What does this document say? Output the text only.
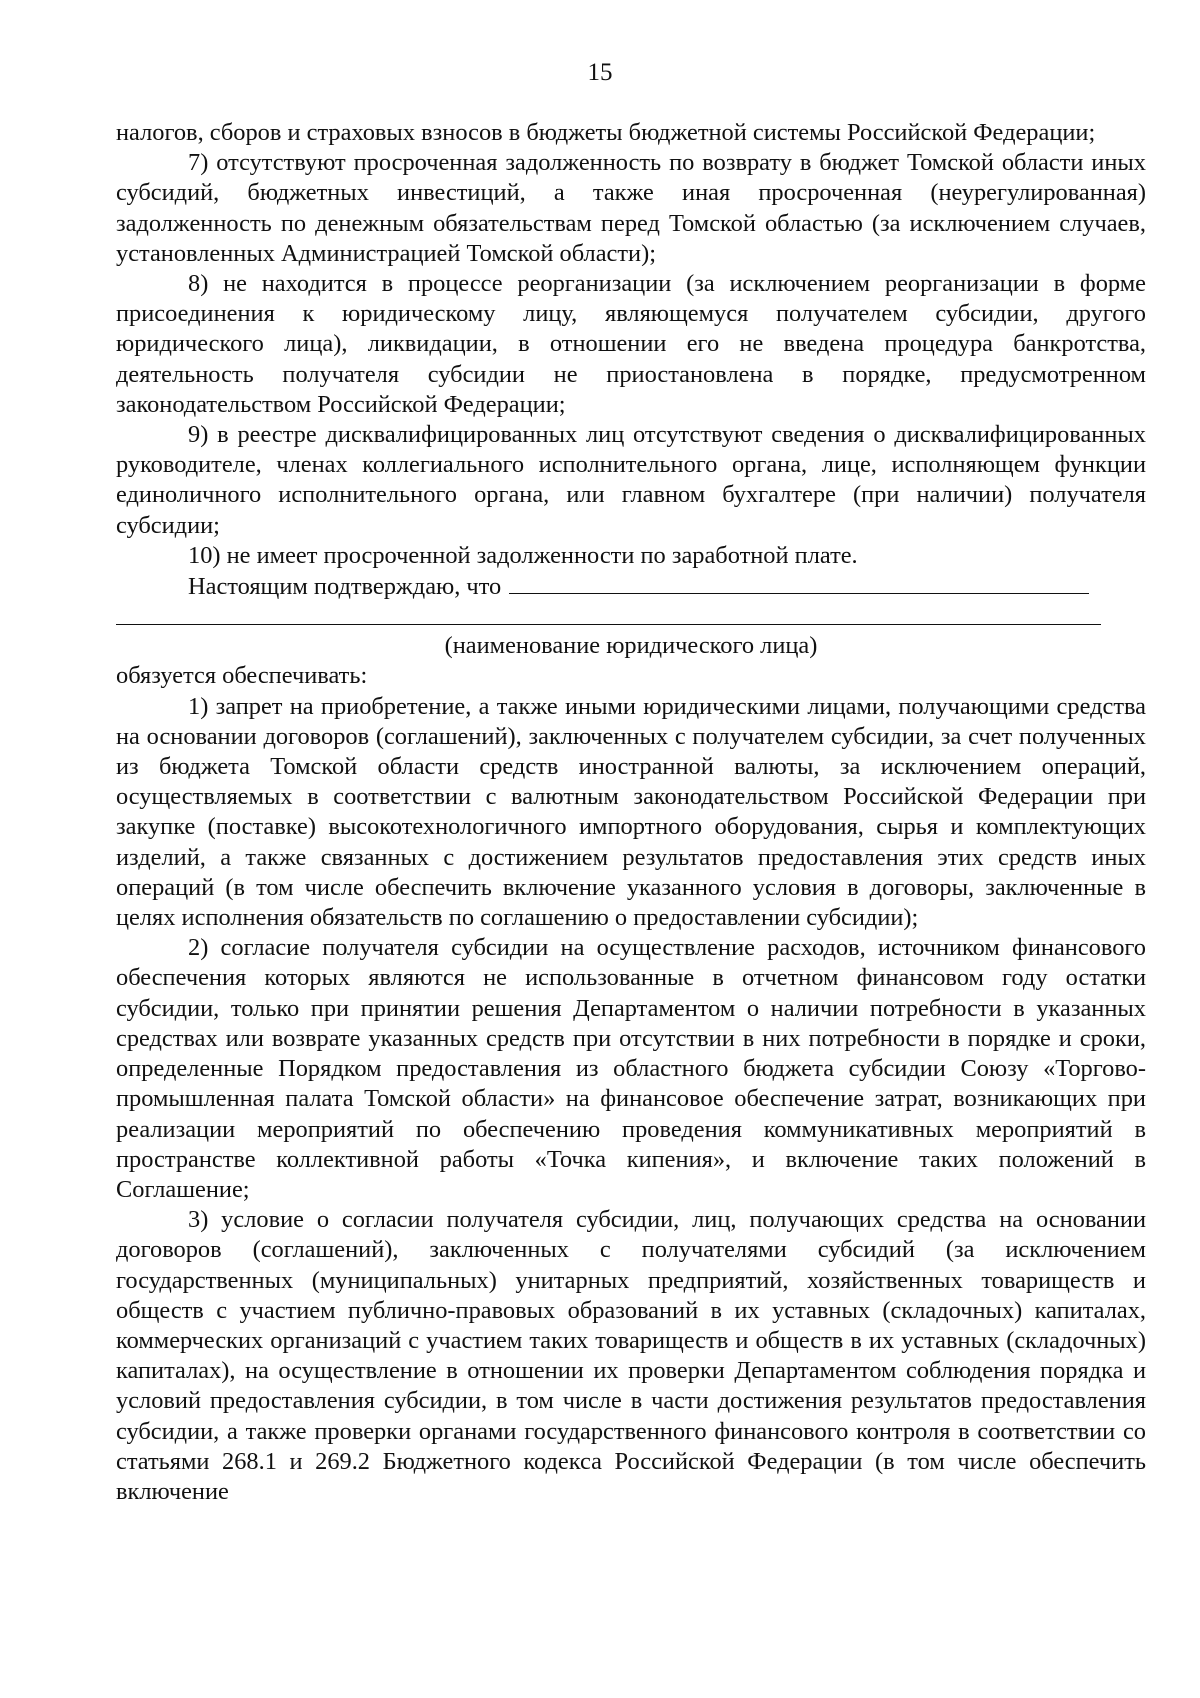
15

налогов, сборов и страховых взносов в бюджеты бюджетной системы Российской Федерации;

7) отсутствуют просроченная задолженность по возврату в бюджет Томской области иных субсидий, бюджетных инвестиций, а также иная просроченная (неурегулированная) задолженность по денежным обязательствам перед Томской областью (за исключением случаев, установленных Администрацией Томской области);

8) не находится в процессе реорганизации (за исключением реорганизации в форме присоединения к юридическому лицу, являющемуся получателем субсидии, другого юридического лица), ликвидации, в отношении его не введена процедура банкротства, деятельность получателя субсидии не приостановлена в порядке, предусмотренном законодательством Российской Федерации;

9) в реестре дисквалифицированных лиц отсутствуют сведения о дисквалифицированных руководителе, членах коллегиального исполнительного органа, лице, исполняющем функции единоличного исполнительного органа, или главном бухгалтере (при наличии) получателя субсидии;

10) не имеет просроченной задолженности по заработной плате.

Настоящим подтверждаю, что

(наименование юридического лица)

обязуется обеспечивать:

1) запрет на приобретение, а также иными юридическими лицами, получающими средства на основании договоров (соглашений), заключенных с получателем субсидии, за счет полученных из бюджета Томской области средств иностранной валюты, за исключением операций, осуществляемых в соответствии с валютным законодательством Российской Федерации при закупке (поставке) высокотехнологичного импортного оборудования, сырья и комплектующих изделий, а также связанных с достижением результатов предоставления этих средств иных операций (в том числе обеспечить включение указанного условия в договоры, заключенные в целях исполнения обязательств по соглашению о предоставлении субсидии);

2) согласие получателя субсидии на осуществление расходов, источником финансового обеспечения которых являются не использованные в отчетном финансовом году остатки субсидии, только при принятии решения Департаментом о наличии потребности в указанных средствах или возврате указанных средств при отсутствии в них потребности в порядке и сроки, определенные Порядком предоставления из областного бюджета субсидии Союзу «Торгово-промышленная палата Томской области» на финансовое обеспечение затрат, возникающих при реализации мероприятий по обеспечению проведения коммуникативных мероприятий в пространстве коллективной работы «Точка кипения», и включение таких положений в Соглашение;

3) условие о согласии получателя субсидии, лиц, получающих средства на основании договоров (соглашений), заключенных с получателями субсидий (за исключением государственных (муниципальных) унитарных предприятий, хозяйственных товариществ и обществ с участием публично-правовых образований в их уставных (складочных) капиталах, коммерческих организаций с участием таких товариществ и обществ в их уставных (складочных) капиталах), на осуществление в отношении их проверки Департаментом соблюдения порядка и условий предоставления субсидии, в том числе в части достижения результатов предоставления субсидии, а также проверки органами государственного финансового контроля в соответствии со статьями 268.1 и 269.2 Бюджетного кодекса Российской Федерации (в том числе обеспечить включение
